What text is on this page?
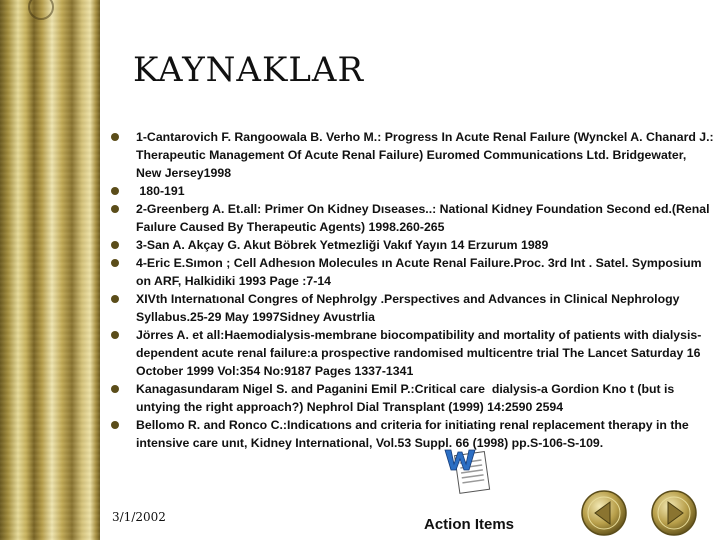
KAYNAKLAR
1-Cantarovich F. Rangoowala B. Verho M.: Progress In Acute Renal Faılure (Wynckel A. Chanard J.: Therapeutic Management Of Acute Renal Failure) Euromed Communications Ltd. Bridgewater, New Jersey1998
180-191
2-Greenberg A. Et.all: Primer On Kidney Dıseases..: National Kidney Foundation Second ed.(Renal Faılure Caused By Therapeutic Agents) 1998.260-265
3-San A. Akçay G. Akut Böbrek Yetmezliği Vakıf Yayın 14 Erzurum 1989
4-Eric E.Sımon ; Cell Adhesıon Molecules ın Acute Renal Failure.Proc. 3rd Int . Satel. Symposium on ARF, Halkidiki 1993 Page :7-14
XIVth Internatıonal Congres of Nephrolgy .Perspectives and Advances in Clinical Nephrology Syllabus.25-29 May 1997Sidney Avustrlia
Jörres A. et all:Haemodialysis-membrane biocompatibility and mortality of patients with dialysis-dependent acute renal failure:a prospective randomised multicentre trial The Lancet Saturday 16 October 1999 Vol:354 No:9187 Pages 1337-1341
Kanagasundaram Nigel S. and Paganini Emil P.:Critical care  dialysis-a Gordion Kno t (but is untying the right approach?) Nephrol Dial Transplant (1999) 14:2590 2594
Bellomo R. and Ronco C.:Indicatıons and criteria for initiating renal replacement therapy in the intensive care unıt, Kidney International, Vol.53 Suppl. 66 (1998) pp.S-106-S-109.
3/1/2002	Action Items
